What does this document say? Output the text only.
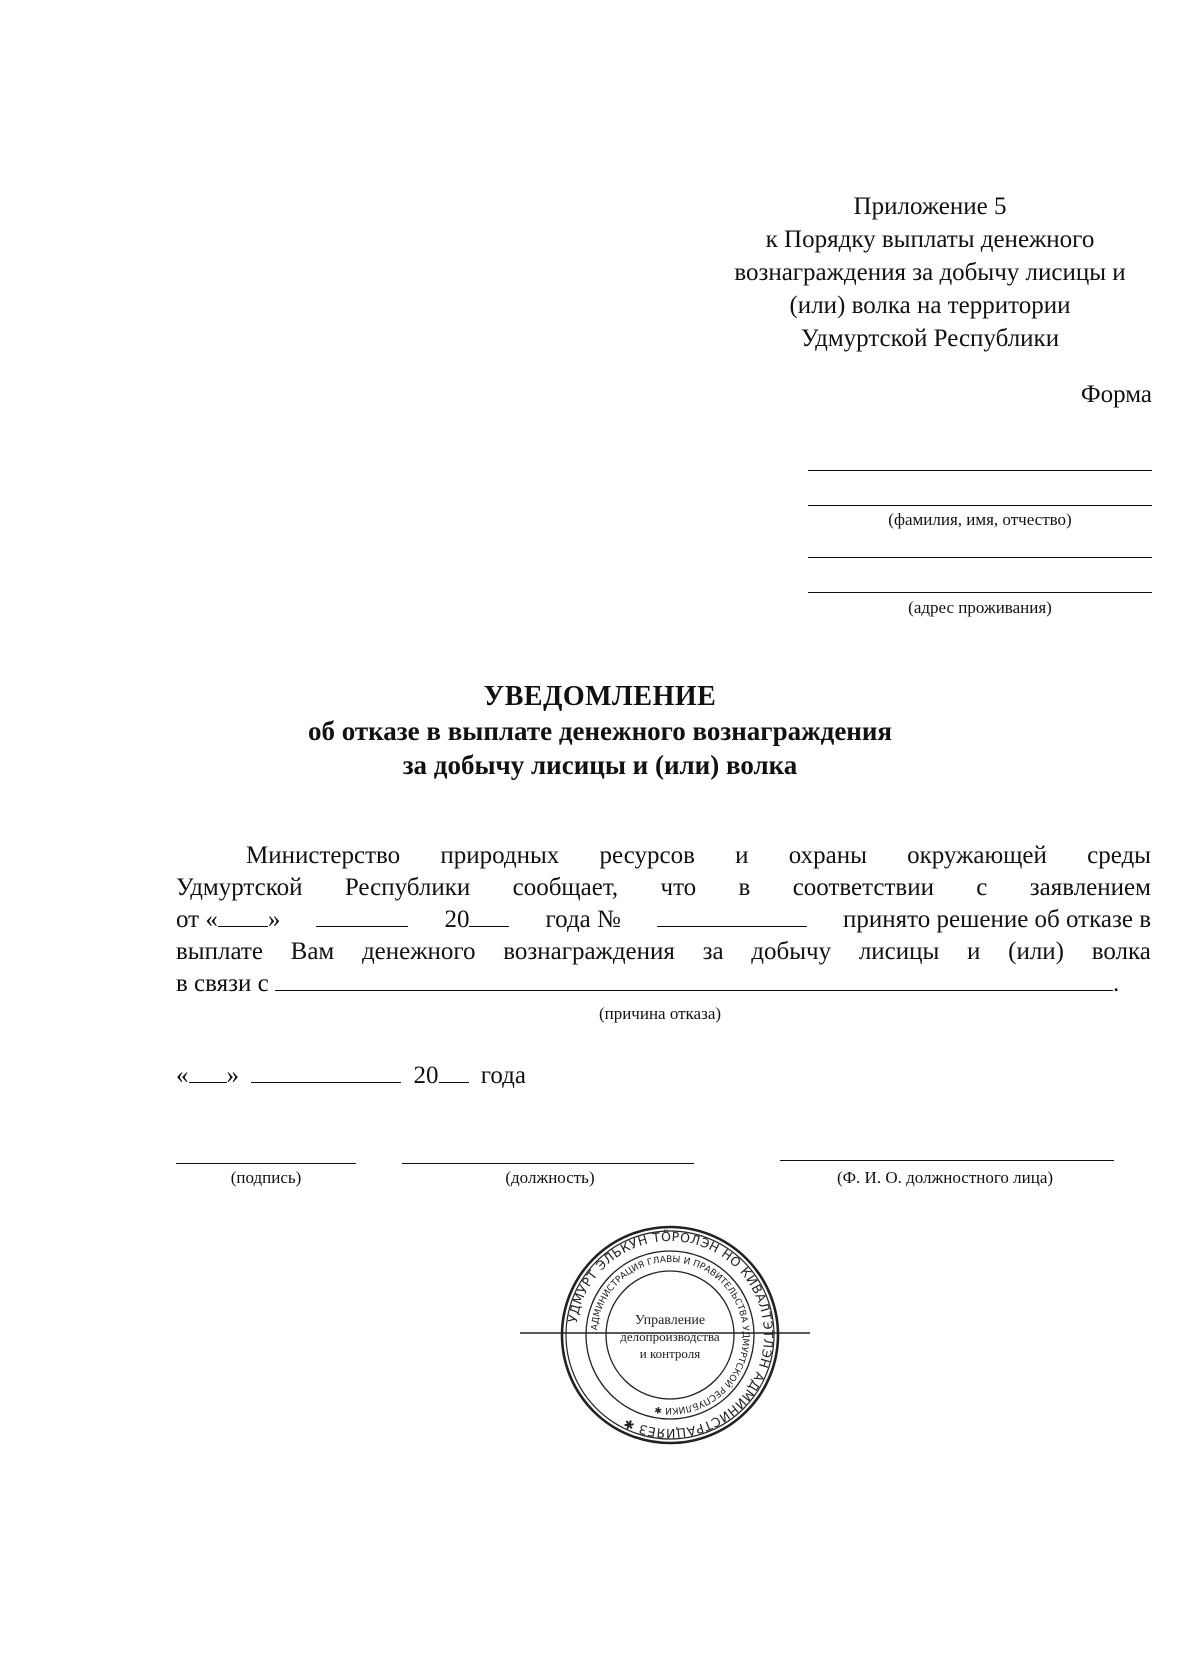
Приложение 5
к Порядку выплаты денежного
вознаграждения за добычу лисицы и
(или) волка на территории
Удмуртской Республики
Форма
(фамилия, имя, отчество)
(адрес проживания)
УВЕДОМЛЕНИЕ
об отказе в выплате денежного вознаграждения
за добычу лисицы и (или) волка
Министерство природных ресурсов и охраны окружающей среды
Удмуртской Республики сообщает, что в соответствии с заявлением
от « »	20	года №	принято решение об отказе в
выплате Вам денежного вознаграждения за добычу лисицы и (или) волка
в связи с	.
(причина отказа)
« »	20 года
(подпись)	(должность)	(Ф. И. О. должностного лица)
УДМУРТ ЭЛЬКУН ТӦРОЛЭН НО КИВАЛТЭТЛЭН АДМИНИСТРАЦИЯЕЗ ✱
АДМИНИСТРАЦИЯ ГЛАВЫ И ПРАВИТЕЛЬСТВА УДМУРТСКОЙ РЕСПУБЛИКИ ✱
Управление
делопроизводства
и контроля
